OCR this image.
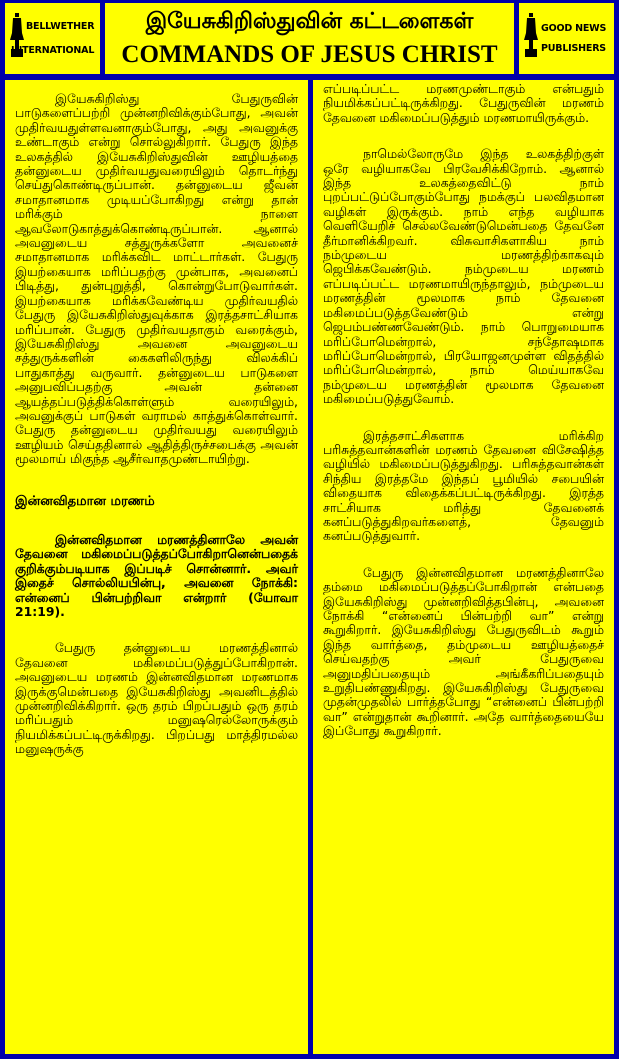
BELLWETHER
INTERNATIONAL
இயேசுகிறிஸ்துவின் கட்டளைகள்
COMMANDS OF JESUS CHRIST
GOOD NEWS
PUBLISHERS

இயேசுகிறிஸ்து பேதுருவின் பாடுகளைப்பற்றி முன்னறிவிக்கும்போது, அவன் முதிர்வயதுள்ளவனாகும்போது, அது அவனுக்கு உண்டாகும் என்று சொல்லுகிறார். பேதுரு இந்த உலகத்தில் இயேசுகிறிஸ்துவின் ஊழியத்தை தன்னுடைய முதிர்வயதுவரையிலும் தொடர்ந்து செய்துகொண்டிருப்பான். தன்னுடைய ஜீவன் சமாதானமாக முடியப்போகிறது என்று தான் மரிக்கும் நாளை ஆவலோடுகாத்துக்கொண்டிருப்பான். ஆனால் அவனுடைய சத்துருக்களோ அவனைச் சமாதானமாக மரிக்கவிட மாட்டார்கள். பேதுரு இயற்கையாக மரிப்பதற்கு முன்பாக, அவனைப் பிடித்து, துன்புறுத்தி, கொன்றுபோடுவார்கள். இயற்கையாக மரிக்கவேண்டிய முதிர்வயதில் பேதுரு இயேசுகிறிஸ்துவுக்காக இரத்தசாட்சியாக மரிப்பான். பேதுரு முதிர்வயதாகும் வரைக்கும், இயேசுகிறிஸ்து அவனை அவனுடைய சத்துருக்களின் கைகளிலிருந்து விலக்கிப் பாதுகாத்து வருவார். தன்னுடைய பாடுகளை அனுபவிப்பதற்கு அவன் தன்னை ஆயத்தப்படுத்திக்கொள்ளும் வரையிலும், அவனுக்குப் பாடுகள் வராமல் காத்துக்கொள்வார். பேதுரு தன்னுடைய முதிர்வயது வரையிலும் ஊழியம் செய்ததினால் ஆதித்திருச்சபைக்கு அவன் மூலமாய் மிகுந்த ஆசீர்வாதமுண்டாயிற்று.

இன்னவிதமான மரணம்

இன்னவிதமான மரணத்தினாலே அவன் தேவனை மகிமைப்படுத்தப்போகிறானென்பதைக் குறிக்கும்படியாக இப்படிச் சொன்னார். அவர் இதைச் சொல்லியபின்பு, அவனை நோக்கி: என்னைப் பின்பற்றிவா என்றார் (யோவா 21:19).

பேதுரு தன்னுடைய மரணத்தினால் தேவனை மகிமைப்படுத்துப்போகிறான். அவனுடைய மரணம் இன்னவிதமான மரணமாக இருக்குமென்பதை இயேசுகிறிஸ்து அவனிடத்தில் முன்னறிவிக்கிறார். ஒரு தரம் பிறப்பதும் ஒரு தரம் மரிப்பதும் மனுஷரெல்லோருக்கும் நியமிக்கப்பட்டிருக்கிறது. பிறப்பது மாத்திரமல்ல மனுஷருக்கு

எப்படிப்பட்ட மரணமுண்டாகும் என்பதும் நியமிக்கப்பட்டிருக்கிறது. பேதுருவின் மரணம் தேவனை மகிமைப்படுத்தும் மரணமாயிருக்கும்.

நாமெல்லோருமே இந்த உலகத்திற்குள் ஒரே வழியாகவே பிரவேசிக்கிறோம். ஆனால் இந்த உலகத்தைவிட்டு நாம் புறப்பட்டுப்போகும்போது நமக்குப் பலவிதமான வழிகள் இருக்கும். நாம் எந்த வழியாக வெளியேறிச் செல்லவேண்டுமென்பதை தேவனே தீர்மானிக்கிறவர். விசுவாசிகளாகிய நாம் நம்முடைய மரணத்திற்காகவும் ஜெபிக்கவேண்டும். நம்முடைய மரணம் எப்படிப்பட்ட மரணமாயிருந்தாலும், நம்முடைய மரணத்தின் மூலமாக நாம் தேவனை மகிமைப்படுத்தவேண்டும் என்று ஜெபம்பண்ணவேண்டும். நாம் பொறுமையாக மரிப்போமென்றால், சந்தோஷமாக மரிப்போமென்றால், பிரயோஜனமுள்ள விதத்தில் மரிப்போமென்றால், நாம் மெய்யாகவே நம்முடைய மரணத்தின் மூலமாக தேவனை மகிமைப்படுத்துவோம்.

இரத்தசாட்சிகளாக மரிக்கிற பரிசுத்தவான்களின் மரணம் தேவனை விசேஷித்த வழியில் மகிமைப்படுத்துகிறது. பரிசுத்தவான்கள் சிந்திய இரத்தமே இந்தப் பூமியில் சபையின் விதையாக விதைக்கப்பட்டிருக்கிறது. இரத்த சாட்சியாக மரித்து தேவனைக் கனப்படுத்துகிறவர்களைத், தேவனும் கனப்படுத்துவார்.

பேதுரு இன்னவிதமான மரணத்தினாலே தம்மை மகிமைப்படுத்தப்போகிறான் என்பதை இயேசுகிறிஸ்து முன்னறிவித்தபின்பு, அவனை நோக்கி “என்னைப் பின்பற்றி வா” என்று கூறுகிறார். இயேசுகிறிஸ்து பேதுருவிடம் கூறும் இந்த வார்த்தை, தம்முடைய ஊழியத்தைச் செய்வதற்கு அவர் பேதுருவை அனுமதிப்பதையும் அங்கீகரிப்பதையும் உறுதிபண்ணுகிறது. இயேசுகிறிஸ்து பேதுருவை முதன்முதலில் பார்த்தபோது “என்னைப் பின்பற்றி வா” என்றுதான் கூறினார். அதே வார்த்தையையே இப்போது கூறுகிறார்.
